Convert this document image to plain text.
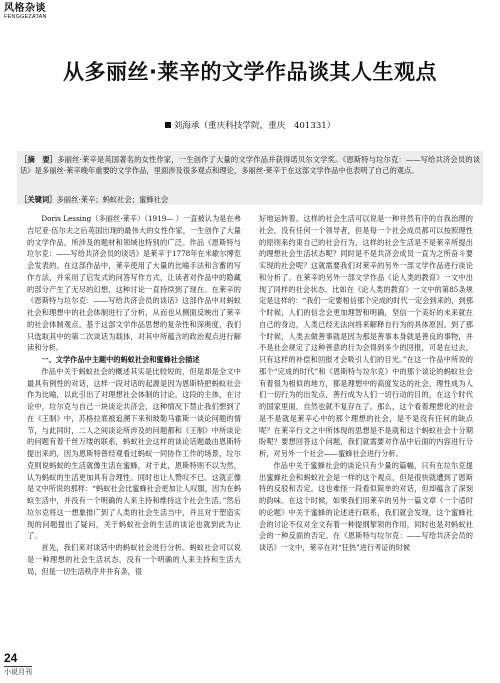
风格杂谈
FENGGEZATAN
从多丽丝·莱辛的文学作品谈其人生观点
刘海承（重庆科技学院，重庆　401331）
［摘　要］多丽丝·莱辛是英国著名的女性作家，一生创作了大量的文学作品并获得诺贝尔文学奖。《恩斯特与垃尔克：——写给共济会员的谈话》是多丽丝·莱辛晚年重要的文学作品，里面涉及很多观点和理论，多丽丝·莱辛于在这部文学作品中也表明了自己的观点。
［关键词］多丽丝·莱辛；蚂蚁社会；蜜蜂社会

Doris Lessing（多丽丝·莱辛）（1919— ）一直被认为是在弗吉尼亚·伍尔夫之后英国出现的最伟大的女性作家，一生创作了大量的文学作品，所涉及的题材和领域也特别的广泛。作品《恩斯特与垃尔克：——写给共济会员的谈话》是莱辛于1778年在米歇尔博览会发表的。在这部作品中，莱辛使用了大量的比喻手法和含蓄的写作方法，并采用了启发式的问答写作方式，让读者对作品中的隐藏的部分产生了无尽的幻想，这种讨论一直持续到了现在。在莱辛的《恩斯特与垃尔克：——写给共济会员的谈话》这部作品中对蚂蚁社会和理想中的社会体制进行了分析，从而也从侧面反映出了莱辛的社会体制观点。基于这部文学作品思想的复杂性和深奥度，我们只选取其中的第二次谈话为载体，对其中所蕴含的政治观点进行解读和分析。

一、文学作品中主题中的蚂蚁社会和蜜蜂社会描述

作品中关于蚂蚁社会的概述其实是比较短的，但是却是全文中最具有例性的对话，这样一段对话的起源是因为恩斯特把蚂蚁社会作为比喻，以此引出了对理想社会体制的讨论。这段的主体，在讨论中，垃尔克与自己一块谈论共济会，这种情况下禁止我们想到了在《王制》中，苏格拉底被追溯下来和玻勒马霍斯一谈论问题的情节，与此同时，二人之间谈论所涉及的问题都和《王制》中所谈论的问题有着千丝万缕的联系，蚂蚁社会这样的谈论话题最由恩斯特提出来的，因为恩斯特曾经观看过蚂蚁一同协作工作的场景，垃尔克则说蚂蚁的生活就像生活在蜜蜂，对于此，恩斯特则不以为然，认为蚂蚁的生活更加具有合理性。同时也让人赞叹不已。这就正像是文中所说的那样：“蚂蚁社会比蜜蜂社会更加让人叹服，因为在蚂蚁生活中，并没有一个明确的人来主持和维持这个社会生活。”然后垃尔克将这一想象推广到了人类的社会生活当中，并且对于塑造实现的问题提出了疑问，关于蚂蚁社会的生活的谈论也就到此为止了。

首先，我们来对谈话中的蚂蚁社会进行分析。蚂蚁社会可以说是一种理想的社会生活状态，没有一个明确的人来主持和生活大局，但是一切生活秩序井井有条，很

好地运转着。这样的社会生活可以说是一种井然有序的自我治理的社会，没有任何一个领导者，但是每一个社会成员都可以按照理性的原则来约束自己的社会行为，这样的社会生活是不是莱辛所提出的理想社会生活状态呢？同时是不是共济会成员一直为之所奋斗要实现的社会呢？这就需要我们对莱辛的另外一部文学作品进行谈论和分析了。在莱辛的另外一部文学作品《论人类的教育》一文中出现了同样的社会状态。比如在《论人类的教育》一文中的第85条规定是这样的：“我们一定要相信那个完成的时代一定会到来的，到那个时候，人们的信念会更加理智和明确，坚信一个美好的未来就在自己的身边，人类已经无法向将来解释自行为的具体原因。到了那个时候，人类去做善事就是因为那是善事本身就是善良的事物，并不是社会规定了这种善意的行为会得到多少的回报，可是在过去，只有这样的补偿和回报才会吸引人们的目光。”在这一作品中所说的那个“完成的时代”和《恩斯特与垃尔克》中的那个谈论的蚂蚁社会有着很为相似的地方，都是理想中的高度发达的社会，理性成为人们一切行为的出发点，善行成为人们一切行动的目的，在这个时代的国家里面，自然也就不复存在了。那么，这个看着理想化的社会是不是就是莱辛心中的那个理想的社会，是不是没有任何的缺点呢？在莱辛行文之中所体现的思想是不是就和这个蚂蚁社会十分期盼呢？要想回答这个问题，我们就需要对作品中后面的内容进行分析，对另外一个社会——蜜蜂社会进行分析。

作品中关于蜜蜂社会的谈论只有少量的篇幅，只有在垃尔克提出蜜蜂社会和蚂蚁社会是一样的这个观点，但是很快就遭到了恩斯特的反驳和否定。这也难怪一段看似简单的对话，但却蕴含了深刻的韵味。在这个时候，如果我们用莱辛的另外一篇文章《一个适时的论题》中关于蜜蜂的论述进行联系，我们就会发现，这个蜜蜂社会的讨论不仅对全文有着一种提纲挈领的作用，同时也是对蚂蚁社会的一种反面的否定。在《恩斯特与垃尔克：——写给共济会员的谈话》一文中，莱辛在对“狂热”进行考证的时候

24
小说月刊
